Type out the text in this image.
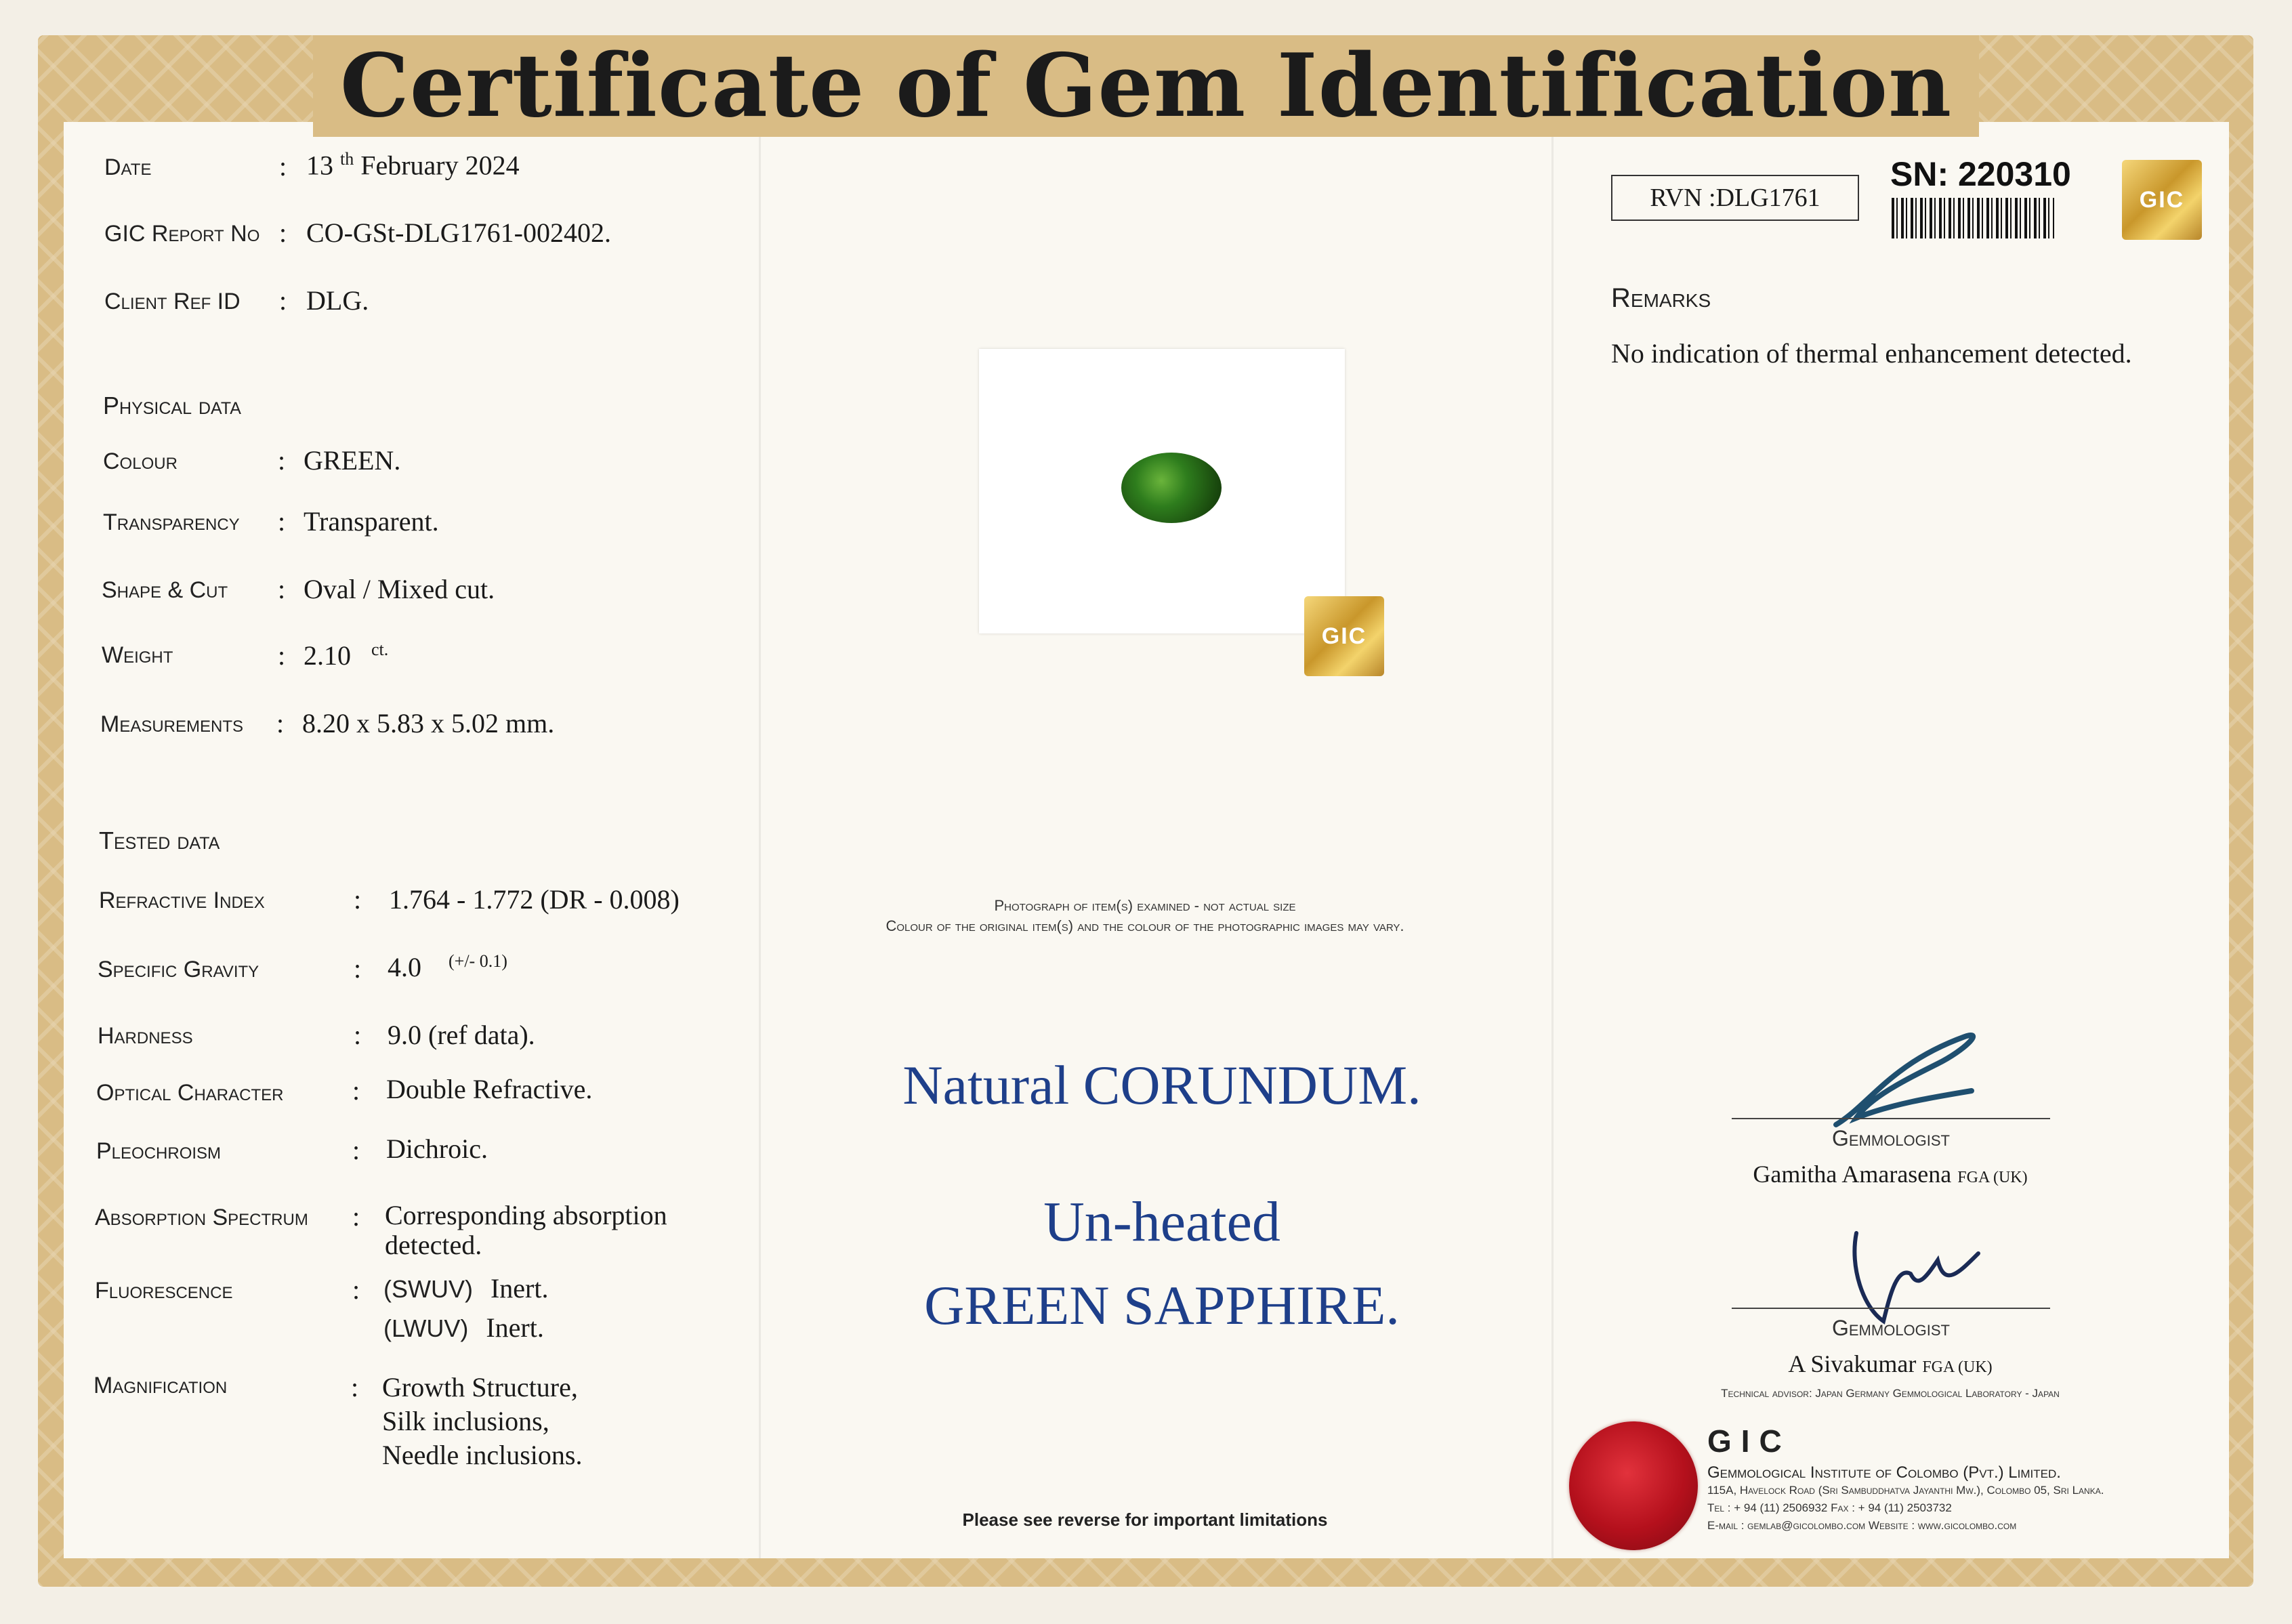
Certificate of Gem Identification
Date	: 13 $^{th}$ February 2024
GIC Report No : CO-GSt-DLG1761-002402.
Client Ref ID : DLG.
Physical data
Colour	: GREEN.
Transparency : Transparent.
Shape & Cut : Oval / Mixed cut.
Weight	: 2.10 $^{ct.}$
Measurements : 8.20 x 5.83 x 5.02 mm.
Tested data
Refractive Index	: 1.764 - 1.772 (DR - 0.008)
Specific Gravity	: 4.0 $^{(+/- 0.1)}$
Hardness	: 9.0 (ref data).
Optical Character	: Double Refractive.
Pleochroism	: Dichroic.
Absorption Spectrum : Corresponding absorption
detected.
Fluorescence	: (SWUV) Inert.
(LWUV) Inert.
Magnification	: Growth Structure,
Silk inclusions,
Needle inclusions.
GIC
Photograph of item(s) examined - not actual size
Colour of the original item(s) and the colour of the photographic images may vary.
Natural CORUNDUM.
Un-heated
GREEN SAPPHIRE.
Please see reverse for important limitations
RVN :DLG1761
SN: 220310
GIC
Remarks
No indication of thermal enhancement detected.
Gemmologist
Gamitha Amarasena FGA (UK)
Gemmologist
A Sivakumar FGA (UK)
Technical advisor: Japan Germany Gemmological Laboratory - Japan
GIC
Gemmological Institute of Colombo (Pvt.) Limited.
115A, Havelock Road (Sri Sambuddhatva Jayanthi Mw.), Colombo 05, Sri Lanka.
Tel : + 94 (11) 2506932 Fax : + 94 (11) 2503732
E-mail : gemlab@gicolombo.com Website : www.gicolombo.com
